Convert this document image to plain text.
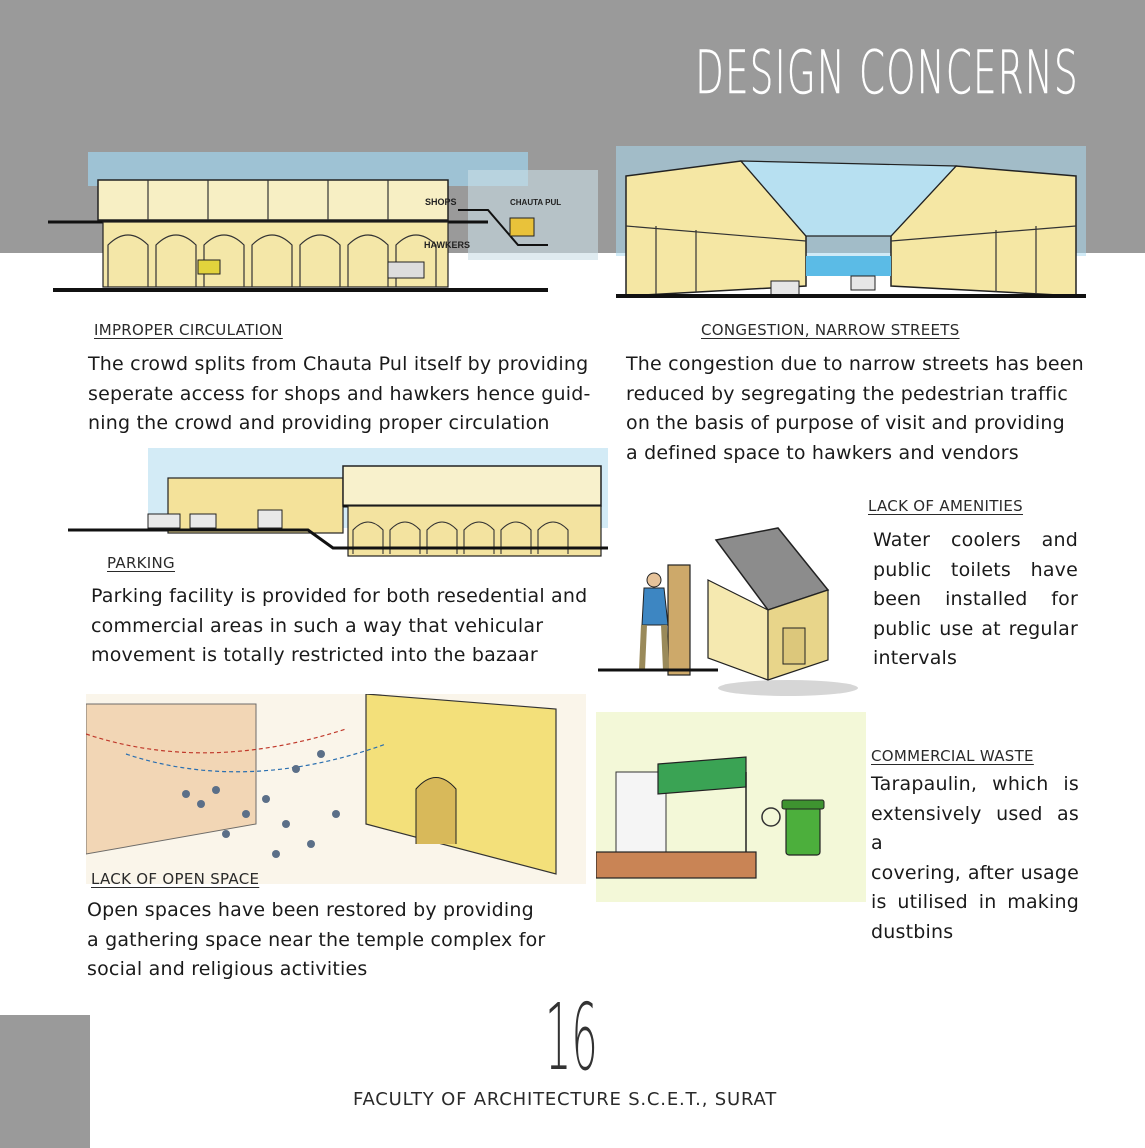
DESIGN CONCERNS
SHOPS	CHAUTA PUL
HAWKERS
IMPROPER CIRCULATION

The crowd splits from Chauta Pul itself by providing

seperate access for shops and hawkers hence guid-

ning the crowd and providing proper circulation

CONGESTION, NARROW STREETS

The congestion due to narrow streets has been

reduced by segregating the pedestrian traffic

on the basis of purpose of visit and providing

a defined space to hawkers and vendors

PARKING

Parking facility is provided for both resedential and

commercial areas in such a way that vehicular

movement is totally restricted into the bazaar

LACK OF AMENITIES

Water coolers and

public toilets have

been installed for

public use at regular

intervals

LACK OF OPEN SPACE

Open spaces have been restored by providing

a gathering space near the temple complex for

social and religious activities

COMMERCIAL WASTE

Tarapaulin, which is

extensively used as a

covering, after usage

is utilised in making

dustbins

16
FACULTY OF ARCHITECTURE S.C.E.T., SURAT
